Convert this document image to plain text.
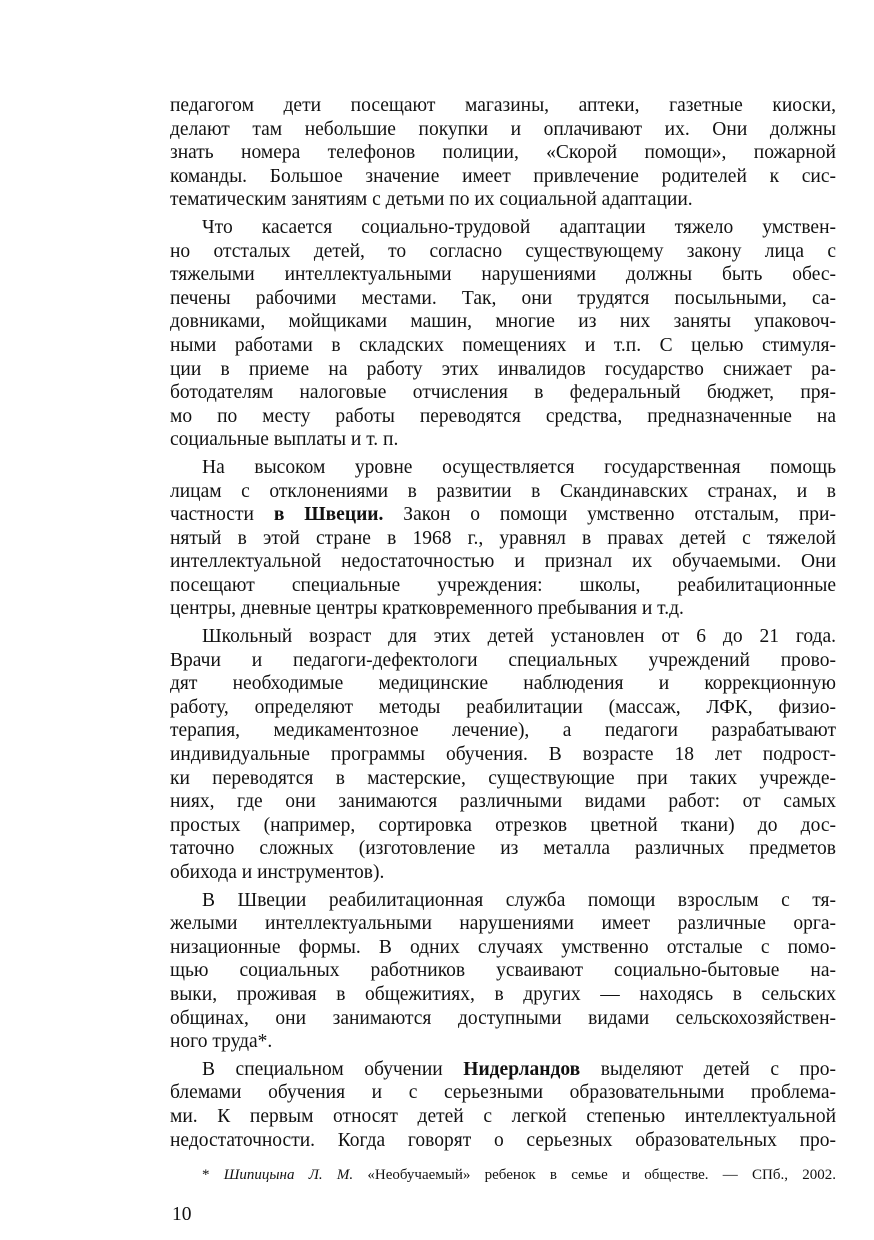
педагогом дети посещают магазины, аптеки, газетные киоски,
делают там небольшие покупки и оплачивают их. Они должны
знать номера телефонов полиции, «Скорой помощи», пожарной
команды. Большое значение имеет привлечение родителей к сис-
тематическим занятиям с детьми по их социальной адаптации.
Что касается социально-трудовой адаптации тяжело умствен-
но отсталых детей, то согласно существующему закону лица с
тяжелыми интеллектуальными нарушениями должны быть обес-
печены рабочими местами. Так, они трудятся посыльными, са-
довниками, мойщиками машин, многие из них заняты упаковоч-
ными работами в складских помещениях и т.п. С целью стимуля-
ции в приеме на работу этих инвалидов государство снижает ра-
ботодателям налоговые отчисления в федеральный бюджет, пря-
мо по месту работы переводятся средства, предназначенные на
социальные выплаты и т. п.
На высоком уровне осуществляется государственная помощь
лицам с отклонениями в развитии в Скандинавских странах, и в
частности в Швеции. Закон о помощи умственно отсталым, при-
нятый в этой стране в 1968 г., уравнял в правах детей с тяжелой
интеллектуальной недостаточностью и признал их обучаемыми. Они
посещают специальные учреждения: школы, реабилитационные
центры, дневные центры кратковременного пребывания и т.д.
Школьный возраст для этих детей установлен от 6 до 21 года.
Врачи и педагоги-дефектологи специальных учреждений прово-
дят необходимые медицинские наблюдения и коррекционную
работу, определяют методы реабилитации (массаж, ЛФК, физио-
терапия, медикаментозное лечение), а педагоги разрабатывают
индивидуальные программы обучения. В возрасте 18 лет подрост-
ки переводятся в мастерские, существующие при таких учрежде-
ниях, где они занимаются различными видами работ: от самых
простых (например, сортировка отрезков цветной ткани) до дос-
таточно сложных (изготовление из металла различных предметов
обихода и инструментов).
В Швеции реабилитационная служба помощи взрослым с тя-
желыми интеллектуальными нарушениями имеет различные орга-
низационные формы. В одних случаях умственно отсталые с помо-
щью социальных работников усваивают социально-бытовые на-
выки, проживая в общежитиях, в других — находясь в сельских
общинах, они занимаются доступными видами сельскохозяйствен-
ного труда*.
В специальном обучении Нидерландов выделяют детей с про-
блемами обучения и с серьезными образовательными проблема-
ми. К первым относят детей с легкой степенью интеллектуальной
недостаточности. Когда говорят о серьезных образовательных про-
* Шипицына Л. М. «Необучаемый» ребенок в семье и обществе. — СПб., 2002.
10
